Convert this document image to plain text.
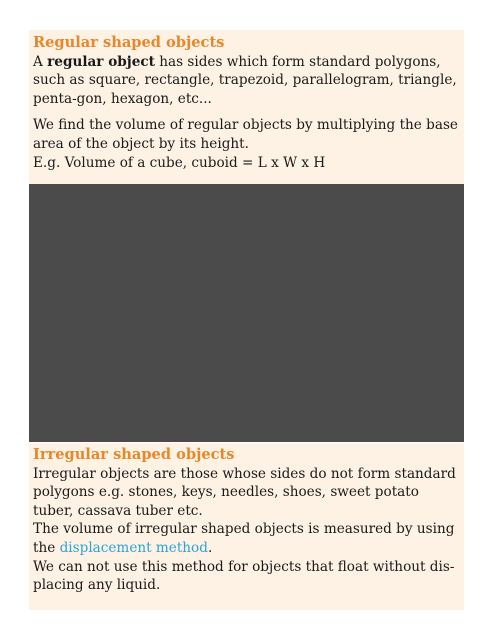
Regular shaped objects

A regular object has sides which form standard polygons, such as square, rectangle, trapezoid, parallelogram, triangle, penta-gon, hexagon, etc...

We find the volume of regular objects by multiplying the base area of the object by its height.

E.g. Volume of a cube, cuboid = L x W x H

Irregular shaped objects

Irregular objects are those whose sides do not form standard polygons e.g. stones, keys, needles, shoes, sweet potato tuber, cassava tuber etc.

The volume of irregular shaped objects is measured by using the displacement method.

We can not use this method for objects that float without dis-placing any liquid.
